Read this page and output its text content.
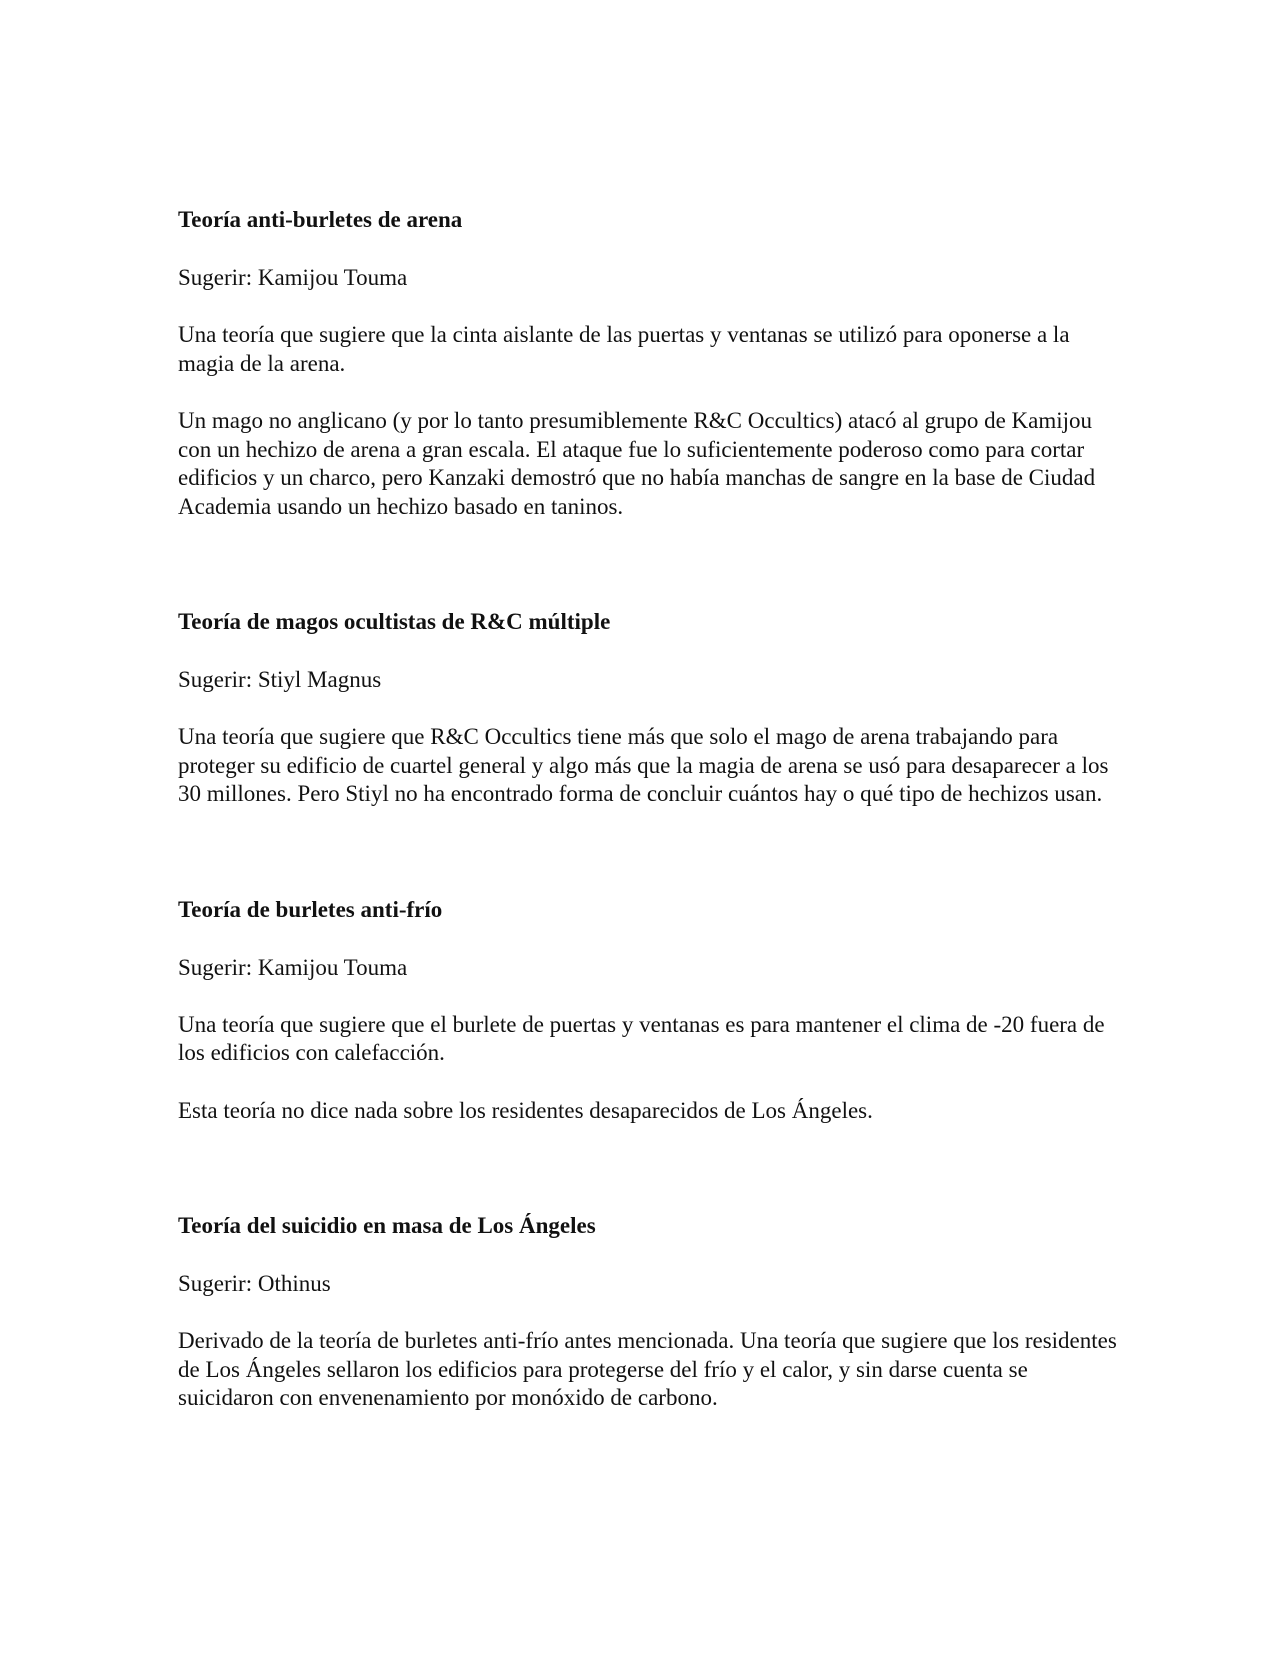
Teoría anti-burletes de arena

Sugerir: Kamijou Touma

Una teoría que sugiere que la cinta aislante de las puertas y ventanas se utilizó para oponerse a la magia de la arena.

Un mago no anglicano (y por lo tanto presumiblemente R&C Occultics) atacó al grupo de Kamijou con un hechizo de arena a gran escala. El ataque fue lo suficientemente poderoso como para cortar edificios y un charco, pero Kanzaki demostró que no había manchas de sangre en la base de Ciudad Academia usando un hechizo basado en taninos.

Teoría de magos ocultistas de R&C múltiple

Sugerir: Stiyl Magnus

Una teoría que sugiere que R&C Occultics tiene más que solo el mago de arena trabajando para proteger su edificio de cuartel general y algo más que la magia de arena se usó para desaparecer a los 30 millones. Pero Stiyl no ha encontrado forma de concluir cuántos hay o qué tipo de hechizos usan.

Teoría de burletes anti-frío

Sugerir: Kamijou Touma

Una teoría que sugiere que el burlete de puertas y ventanas es para mantener el clima de -20 fuera de los edificios con calefacción.

Esta teoría no dice nada sobre los residentes desaparecidos de Los Ángeles.

Teoría del suicidio en masa de Los Ángeles

Sugerir: Othinus

Derivado de la teoría de burletes anti-frío antes mencionada. Una teoría que sugiere que los residentes de Los Ángeles sellaron los edificios para protegerse del frío y el calor, y sin darse cuenta se suicidaron con envenenamiento por monóxido de carbono.
